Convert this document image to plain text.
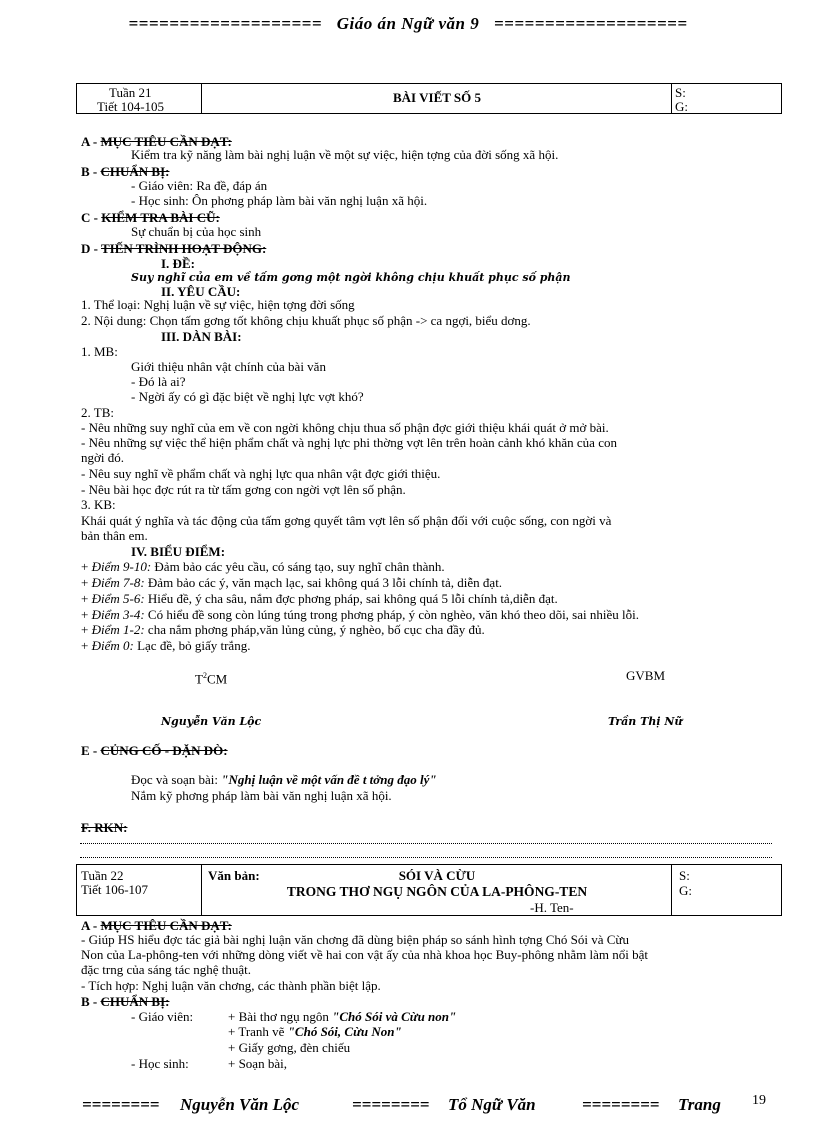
=================== Giáo án Ngữ văn 9 ===================
Tuần 21
Tiết 104-105
BÀI VIẾT SỐ 5	S:
G:
A - MỤC TIÊU CẦN ĐẠT:
Kiểm tra kỹ năng làm bài nghị luận về một sự việc, hiện tợng của đời sống xã hội.
B - CHUẨN BỊ:
- Giáo viên: Ra đề, đáp án
- Học sinh: Ôn phơng pháp làm bài văn nghị luận xã hội.
C - KIỂM TRA BÀI CŨ:
Sự chuẩn bị của học sinh
D - TIẾN TRÌNH HOẠT ĐỘNG:
I. ĐỀ:
Suy nghĩ của em về tấm gơng một ngời không chịu khuất phục số phận
II. YÊU CẦU:
1. Thể loại: Nghị luận về sự việc, hiện tợng đời sống
2. Nội dung: Chọn tấm gơng tốt không chịu khuất phục số phận -> ca ngợi, biểu dơng.
III. DÀN BÀI:
1. MB:
Giới thiệu nhân vật chính của bài văn
- Đó là ai?
- Ngời ấy có gì đặc biệt về nghị lực vợt khó?
2. TB:
- Nêu những suy nghĩ của em về con ngời không chịu thua số phận đợc giới thiệu khái quát ở mở bài.
- Nêu những sự việc thể hiện phẩm chất và nghị lực phi thờng vợt lên trên hoàn cảnh khó khăn của con
ngời đó.
- Nêu suy nghĩ về phẩm chất và nghị lực qua nhân vật đợc giới thiệu.
- Nêu bài học đợc rút ra từ tấm gơng con ngời vợt lên số phận.
3. KB:
Khái quát ý nghĩa và tác động của tấm gơng quyết tâm vợt lên số phận đối với cuộc sống, con ngời và
bản thân em.
IV. BIỂU ĐIỂM:
+ Điểm 9-10: Đảm bảo các yêu cầu, có sáng tạo, suy nghĩ chân thành.
+ Điểm 7-8: Đảm bảo các ý, văn mạch lạc, sai không quá 3 lỗi chính tả, diễn đạt.
+ Điểm 5-6: Hiểu đề, ý cha sâu, nắm đợc phơng pháp, sai không quá 5 lỗi chính tả,diễn đạt.
+ Điểm 3-4: Có hiểu đề song còn lúng túng trong phơng pháp, ý còn nghèo, văn khó theo dõi, sai nhiều lỗi.
+ Điểm 1-2: cha nắm phơng pháp,văn lủng củng, ý nghèo, bố cục cha đầy đủ.
+ Điểm 0: Lạc đề, bỏ giấy trắng.
$T^2CM$	GVBM
Nguyễn Văn Lộc	Trần Thị Nữ
E - CỦNG CỐ - DẶN DÒ:
Đọc và soạn bài: "Nghị luận về một vấn đề t tởng đạo lý"
Nắm kỹ phơng pháp làm bài văn nghị luận xã hội.
F. RKN:
Tuần 22
Tiết 106-107
Văn bản:	SÓI VÀ CỪU
TRONG THƠ NGỤ NGÔN CỦA LA-PHÔNG-TEN
-H. Ten-
S:
G:
A - MỤC TIÊU CẦN ĐẠT:
- Giúp HS hiểu đợc tác giả bài nghị luận văn chơng đã dùng biện pháp so sánh hình tợng Chó Sói và Cừu
Non của La-phông-ten với những dòng viết về hai con vật ấy của nhà khoa học Buy-phông nhằm làm nổi bật
đặc trng của sáng tác nghệ thuật.
- Tích hợp: Nghị luận văn chơng, các thành phần biệt lập.
B - CHUẨN BỊ:
- Giáo viên:	+ Bài thơ ngụ ngôn "Chó Sói và Cừu non"
+ Tranh vẽ "Chó Sói, Cừu Non"
+ Giấy gơng, đèn chiếu
- Học sinh:	+ Soạn bài,
======== Nguyễn Văn Lộc	======== Tổ Ngữ Văn	======== Trang 19
